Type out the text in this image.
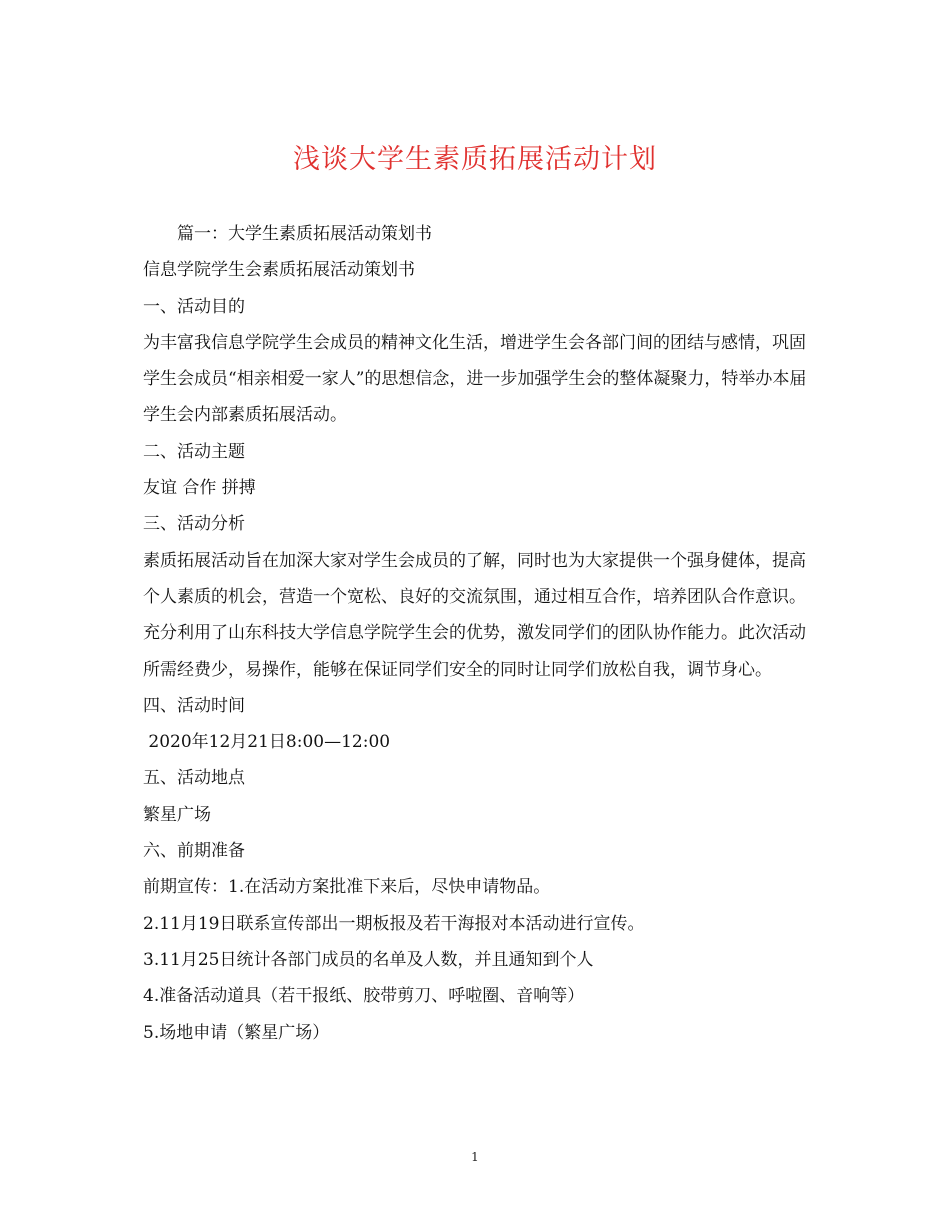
浅谈大学生素质拓展活动计划

篇一：大学生素质拓展活动策划书

信息学院学生会素质拓展活动策划书

一、活动目的

为丰富我信息学院学生会成员的精神文化生活，增进学生会各部门间的团结与感情，巩固学生会成员“相亲相爱一家人”的思想信念，进一步加强学生会的整体凝聚力，特举办本届学生会内部素质拓展活动。

二、活动主题

友谊 合作 拼搏

三、活动分析

素质拓展活动旨在加深大家对学生会成员的了解，同时也为大家提供一个强身健体，提高个人素质的机会，营造一个宽松、良好的交流氛围，通过相互合作，培养团队合作意识。充分利用了山东科技大学信息学院学生会的优势，激发同学们的团队协作能力。此次活动所需经费少，易操作，能够在保证同学们安全的同时让同学们放松自我，调节身心。

四、活动时间

2020年12月21日8:00—12:00

五、活动地点

繁星广场

六、前期准备

前期宣传：1.在活动方案批准下来后，尽快申请物品。

2.11月19日联系宣传部出一期板报及若干海报对本活动进行宣传。

3.11月25日统计各部门成员的名单及人数，并且通知到个人

4.准备活动道具（若干报纸、胶带剪刀、呼啦圈、音响等）

5.场地申请（繁星广场）

1
